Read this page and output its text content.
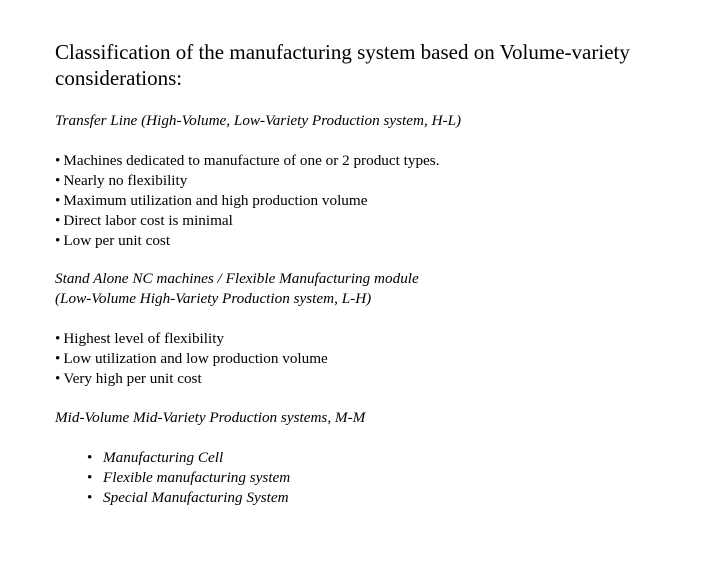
Classification of the manufacturing system based on Volume-variety
considerations:
Transfer Line (High-Volume, Low-Variety Production system, H-L)
• Machines dedicated to manufacture of one or 2 product types.
• Nearly no flexibility
• Maximum utilization and high production volume
• Direct labor cost is minimal
• Low per unit cost
Stand Alone NC machines / Flexible Manufacturing module
(Low-Volume High-Variety Production system, L-H)
• Highest level of flexibility
• Low utilization and low production volume
• Very high per unit cost
Mid-Volume Mid-Variety Production systems, M-M
• Manufacturing Cell
• Flexible manufacturing system
• Special Manufacturing System
